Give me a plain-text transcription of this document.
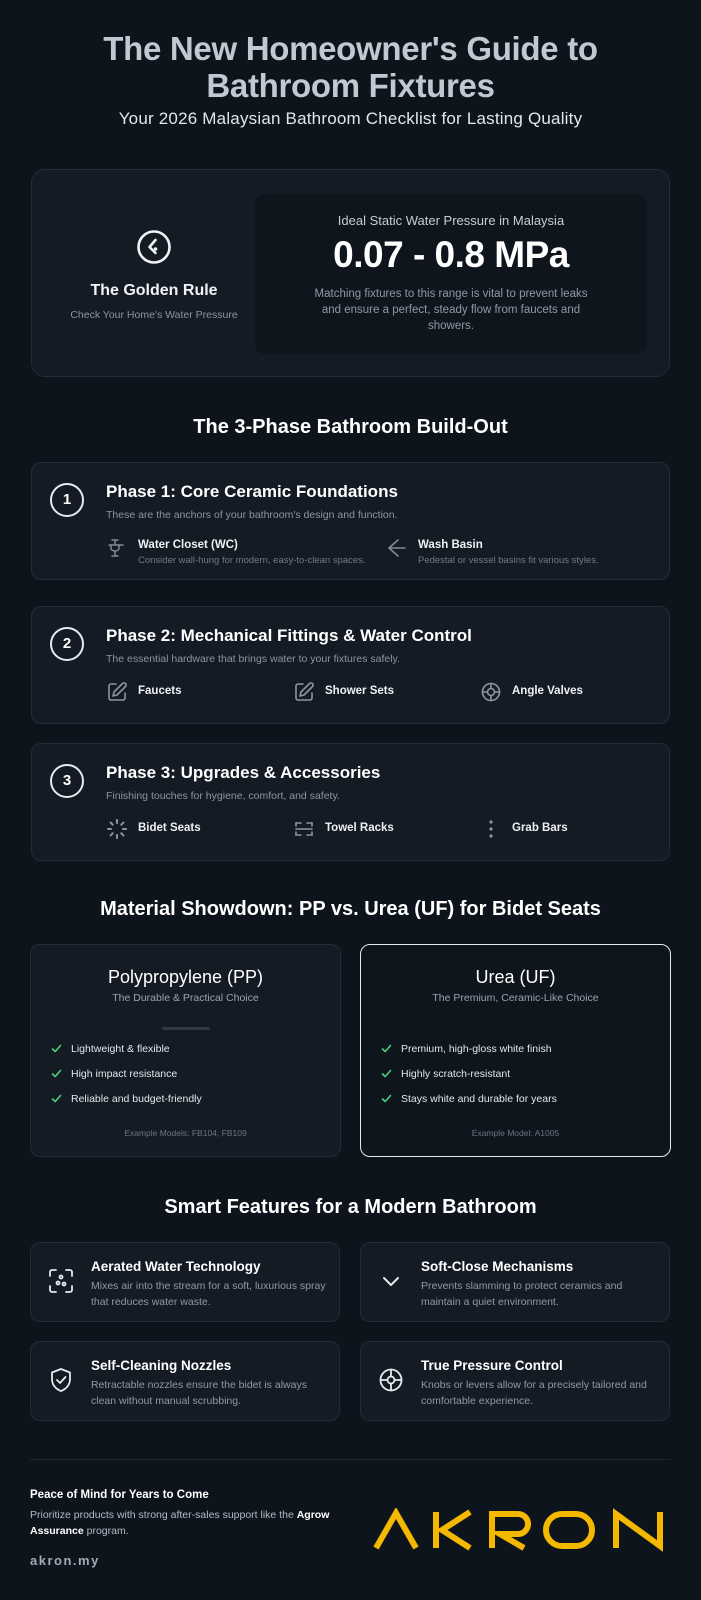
The New Homeowner's Guide to
Bathroom Fixtures
Your 2026 Malaysian Bathroom Checklist for Lasting Quality
The Golden Rule
Check Your Home's Water Pressure
Ideal Static Water Pressure in Malaysia
0.07 - 0.8 MPa
Matching fixtures to this range is vital to prevent leaks and ensure a perfect, steady flow from faucets and showers.
The 3-Phase Bathroom Build-Out
1	Phase 1: Core Ceramic Foundations
These are the anchors of your bathroom's design and function.
Water Closet (WC)
Consider wall-hung for modern, easy-to-clean spaces.
Wash Basin
Pedestal or vessel basins fit various styles.
2	Phase 2: Mechanical Fittings & Water Control
The essential hardware that brings water to your fixtures safely.
Faucets	Shower Sets	Angle Valves
3	Phase 3: Upgrades & Accessories
Finishing touches for hygiene, comfort, and safety.
Bidet Seats	Towel Racks	Grab Bars
Material Showdown: PP vs. Urea (UF) for Bidet Seats
Polypropylene (PP)
The Durable & Practical Choice
Lightweight & flexible
High impact resistance
Reliable and budget-friendly
Example Models: FB104, FB109
Urea (UF)
The Premium, Ceramic-Like Choice
Premium, high-gloss white finish
Highly scratch-resistant
Stays white and durable for years
Example Model: A1005
Smart Features for a Modern Bathroom
Aerated Water Technology
Mixes air into the stream for a soft, luxurious spray that reduces water waste.
Soft-Close Mechanisms
Prevents slamming to protect ceramics and maintain a quiet environment.
Self-Cleaning Nozzles
Retractable nozzles ensure the bidet is always clean without manual scrubbing.
True Pressure Control
Knobs or levers allow for a precisely tailored and comfortable experience.
Peace of Mind for Years to Come
Prioritize products with strong after-sales support like the Agrow Assurance program.
akron.my
